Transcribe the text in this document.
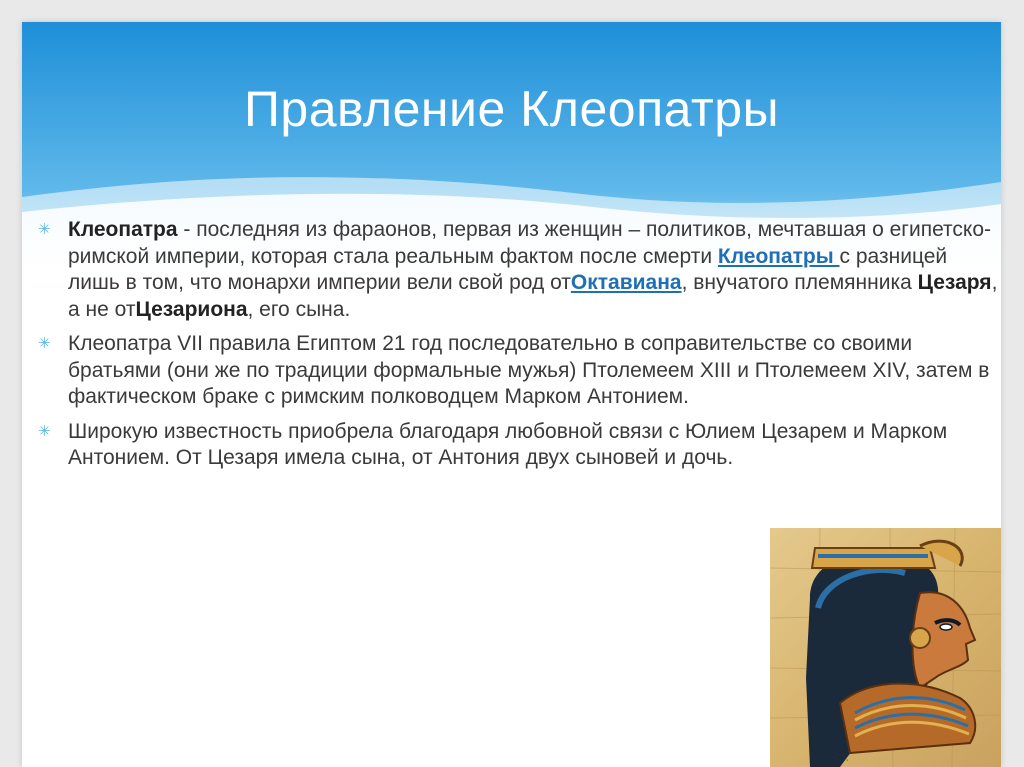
Правление Клеопатры

✳ Клеопатра - последняя из фараонов, первая из женщин – политиков, мечтавшая о египетско-римской империи, которая стала реальным фактом после смерти Клеопатры с разницей лишь в том, что монархи империи вели свой род отОктавиана, внучатого племянника Цезаря, а не отЦезариона, его сына.

✳ Клеопатра VII правила Египтом 21 год последовательно в соправительстве со своими братьями (они же по традиции формальные мужья) Птолемеем XIII и Птолемеем XIV, затем в фактическом браке с римским полководцем Марком Антонием.

✳ Широкую известность приобрела благодаря любовной связи с Юлием Цезарем и Марком Антонием. От Цезаря имела сына, от Антония двух сыновей и дочь.

⋰ ⋱
